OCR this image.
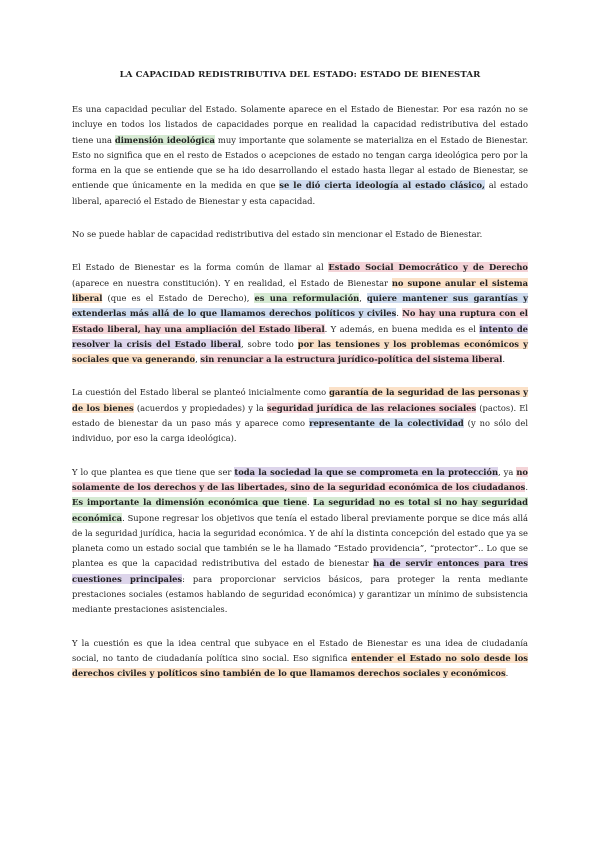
LA CAPACIDAD REDISTRIBUTIVA DEL ESTADO: ESTADO DE BIENESTAR

Es una capacidad peculiar del Estado. Solamente aparece en el Estado de Bienestar. Por esa razón no se incluye en todos los listados de capacidades porque en realidad la capacidad redistributiva del estado tiene una dimensión ideológica muy importante que solamente se materializa en el Estado de Bienestar. Esto no significa que en el resto de Estados o acepciones de estado no tengan carga ideológica pero por la forma en la que se entiende que se ha ido desarrollando el estado hasta llegar al estado de Bienestar, se entiende que únicamente en la medida en que se le dió cierta ideología al estado clásico, al estado liberal, apareció el Estado de Bienestar y esta capacidad.

No se puede hablar de capacidad redistributiva del estado sin mencionar el Estado de Bienestar.

El Estado de Bienestar es la forma común de llamar al Estado Social Democrático y de Derecho (aparece en nuestra constitución). Y en realidad, el Estado de Bienestar no supone anular el sistema liberal (que es el Estado de Derecho), es una reformulación, quiere mantener sus garantías y extenderlas más allá de lo que llamamos derechos políticos y civiles. No hay una ruptura con el Estado liberal, hay una ampliación del Estado liberal. Y además, en buena medida es el intento de resolver la crisis del Estado liberal, sobre todo por las tensiones y los problemas económicos y sociales que va generando, sin renunciar a la estructura jurídico-política del sistema liberal.

La cuestión del Estado liberal se planteó inicialmente como garantía de la seguridad de las personas y de los bienes (acuerdos y propiedades) y la seguridad jurídica de las relaciones sociales (pactos). El estado de bienestar da un paso más y aparece como representante de la colectividad (y no sólo del individuo, por eso la carga ideológica).

Y lo que plantea es que tiene que ser toda la sociedad la que se comprometa en la protección, ya no solamente de los derechos y de las libertades, sino de la seguridad económica de los ciudadanos. Es importante la dimensión económica que tiene. La seguridad no es total si no hay seguridad económica. Supone regresar los objetivos que tenía el estado liberal previamente porque se dice más allá de la seguridad jurídica, hacia la seguridad económica. Y de ahí la distinta concepción del estado que ya se planeta como un estado social que también se le ha llamado “Estado providencia”, “protector”.. Lo que se plantea es que la capacidad redistributiva del estado de bienestar ha de servir entonces para tres cuestiones principales: para proporcionar servicios básicos, para proteger la renta mediante prestaciones sociales (estamos hablando de seguridad económica) y garantizar un mínimo de subsistencia mediante prestaciones asistenciales.

Y la cuestión es que la idea central que subyace en el Estado de Bienestar es una idea de ciudadanía social, no tanto de ciudadanía política sino social. Eso significa entender el Estado no solo desde los derechos civiles y políticos sino también de lo que llamamos derechos sociales y económicos.
